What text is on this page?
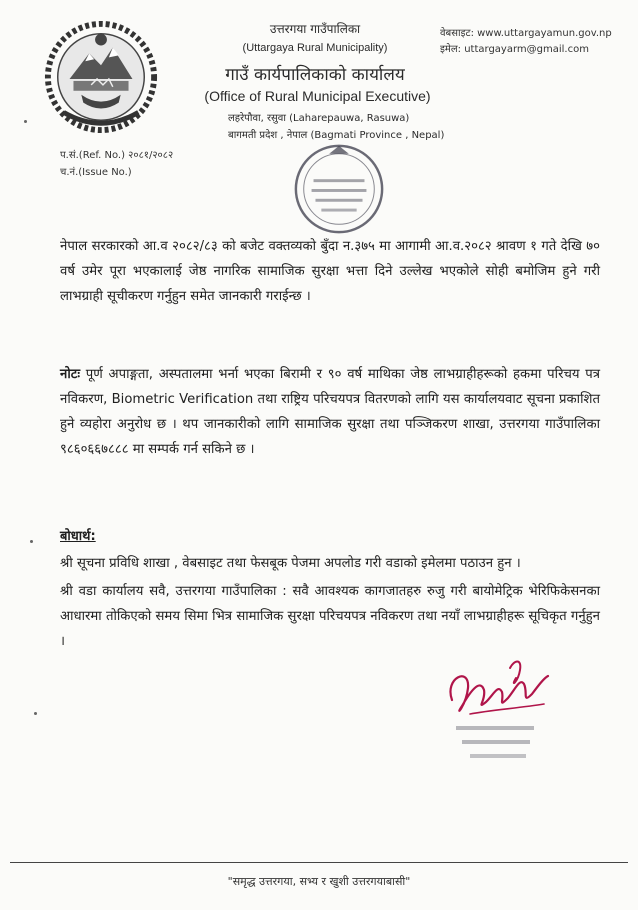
उत्तरगया गाउँपालिका
(Uttargaya Rural Municipality)
गाउँ कार्यपालिकाको कार्यालय
(Office of Rural Municipal Executive)
लहरेपौवा, रसुवा (Laharepauwa, Rasuwa)
बागमती प्रदेश , नेपाल (Bagmati Province , Nepal)
वेबसाइट: www.uttargayamun.gov.np
इमेल: uttargayarm@gmail.com
प.सं.(Ref. No.) २०८१/२०८२
च.नं.(Issue No.)
नेपाल सरकारको आ.व २०८२/८३ को बजेट वक्तव्यको बुँदा न.३७५ मा आगामी आ.व.२०८२ श्रावण १ गते देखि ७० वर्ष उमेर पूरा भएकालाई जेष्ठ नागरिक सामाजिक सुरक्षा भत्ता दिने उल्लेख भएकोले सोही बमोजिम हुने गरी लाभग्राही सूचीकरण गर्नुहुन समेत जानकारी गराईन्छ ।
नोटः पूर्ण अपाङ्गता, अस्पतालमा भर्ना भएका बिरामी र ९० वर्ष माथिका जेष्ठ लाभग्राहीहरूको हकमा परिचय पत्र नविकरण, Biometric Verification तथा राष्ट्रिय परिचयपत्र वितरणको लागि यस कार्यालयवाट सूचना प्रकाशित हुने व्यहोरा अनुरोध छ । थप जानकारीको लागि सामाजिक सुरक्षा तथा पञ्जिकरण शाखा, उत्तरगया गाउँपालिका ९८६०६६७८८८ मा सम्पर्क गर्न सकिने छ ।
बोधार्थ:
श्री सूचना प्रविधि शाखा , वेबसाइट तथा फेसबूक पेजमा अपलोड गरी वडाको इमेलमा पठाउन हुन ।
श्री वडा कार्यालय सवै, उत्तरगया गाउँपालिका : सवै आवश्यक कागजातहरु रुजु गरी बायोमेट्रिक भेरिफिकेसनका आधारमा तोकिएको समय सिमा भित्र सामाजिक सुरक्षा परिचयपत्र नविकरण तथा नयाँ लाभग्राहीहरू सूचिकृत गर्नुहुन ।
"समृद्ध उत्तरगया, सभ्य र खुशी उत्तरगयाबासी"
